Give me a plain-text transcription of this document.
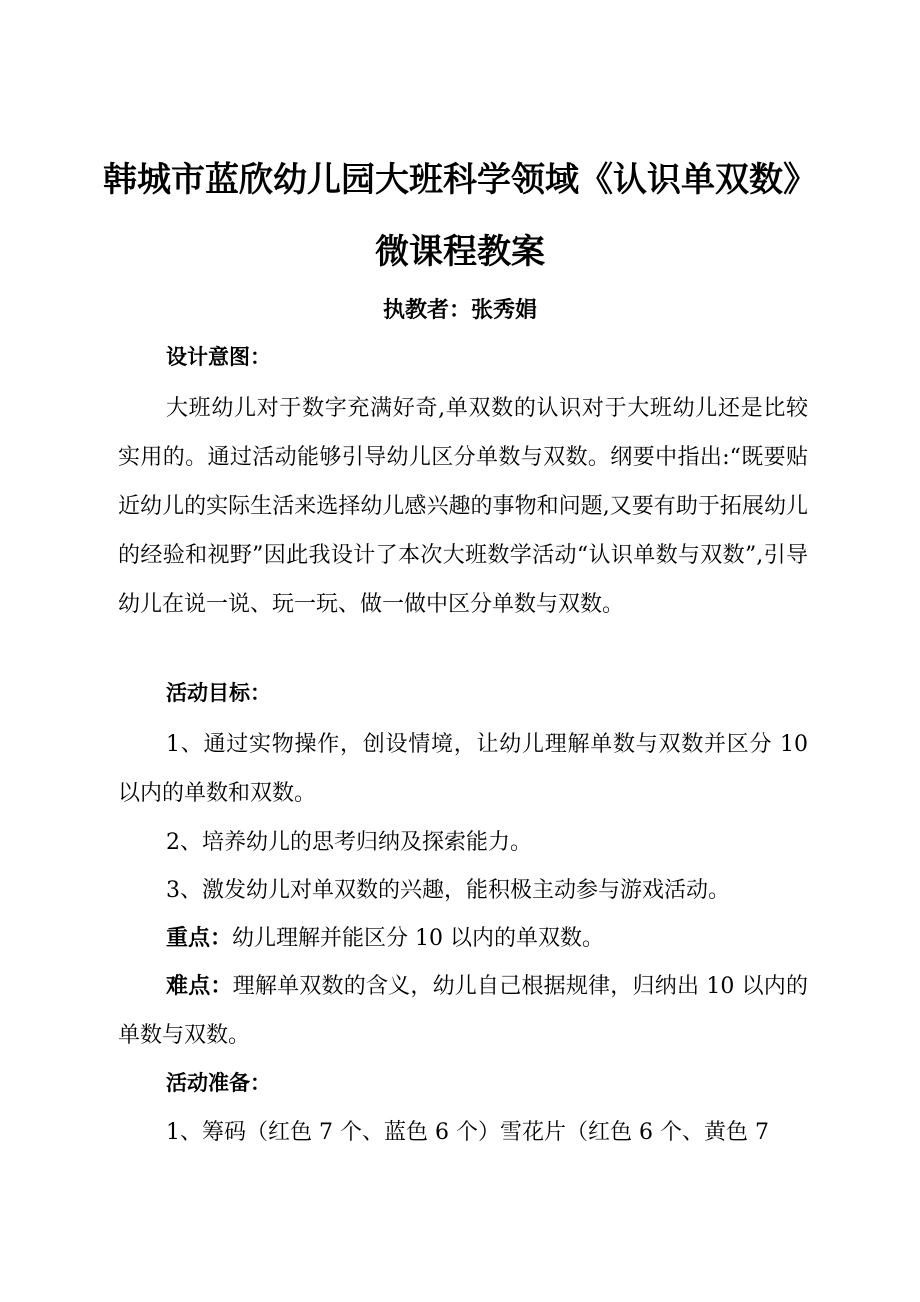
韩城市蓝欣幼儿园大班科学领域《认识单双数》
微课程教案
执教者：张秀娟
设计意图：
大班幼儿对于数字充满好奇,单双数的认识对于大班幼儿还是比较实用的。通过活动能够引导幼儿区分单数与双数。纲要中指出:“既要贴近幼儿的实际生活来选择幼儿感兴趣的事物和问题,又要有助于拓展幼儿的经验和视野”因此我设计了本次大班数学活动“认识单数与双数”,引导幼儿在说一说、玩一玩、做一做中区分单数与双数。
活动目标：
1、通过实物操作，创设情境，让幼儿理解单数与双数并区分 10 以内的单数和双数。
2、培养幼儿的思考归纳及探索能力。
3、激发幼儿对单双数的兴趣，能积极主动参与游戏活动。
重点：幼儿理解并能区分 10 以内的单双数。
难点：理解单双数的含义，幼儿自己根据规律，归纳出 10 以内的单数与双数。
活动准备：
1、筹码（红色 7 个、蓝色 6 个）雪花片（红色 6 个、黄色 7
